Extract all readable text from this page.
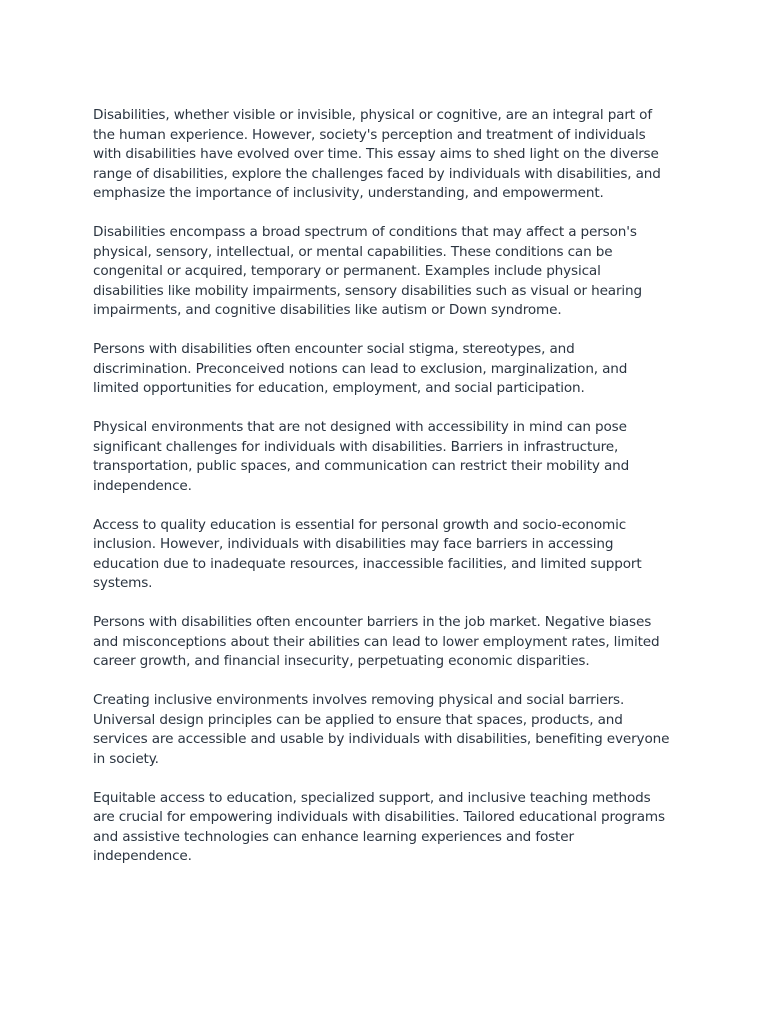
Disabilities, whether visible or invisible, physical or cognitive, are an integral part of the human experience. However, society's perception and treatment of individuals with disabilities have evolved over time. This essay aims to shed light on the diverse range of disabilities, explore the challenges faced by individuals with disabilities, and emphasize the importance of inclusivity, understanding, and empowerment.

Disabilities encompass a broad spectrum of conditions that may affect a person's physical, sensory, intellectual, or mental capabilities. These conditions can be congenital or acquired, temporary or permanent. Examples include physical disabilities like mobility impairments, sensory disabilities such as visual or hearing impairments, and cognitive disabilities like autism or Down syndrome.

Persons with disabilities often encounter social stigma, stereotypes, and discrimination. Preconceived notions can lead to exclusion, marginalization, and limited opportunities for education, employment, and social participation.

Physical environments that are not designed with accessibility in mind can pose significant challenges for individuals with disabilities. Barriers in infrastructure, transportation, public spaces, and communication can restrict their mobility and independence.

Access to quality education is essential for personal growth and socio-economic inclusion. However, individuals with disabilities may face barriers in accessing education due to inadequate resources, inaccessible facilities, and limited support systems.

Persons with disabilities often encounter barriers in the job market. Negative biases and misconceptions about their abilities can lead to lower employment rates, limited career growth, and financial insecurity, perpetuating economic disparities.

Creating inclusive environments involves removing physical and social barriers. Universal design principles can be applied to ensure that spaces, products, and services are accessible and usable by individuals with disabilities, benefiting everyone in society.

Equitable access to education, specialized support, and inclusive teaching methods are crucial for empowering individuals with disabilities. Tailored educational programs and assistive technologies can enhance learning experiences and foster independence.
